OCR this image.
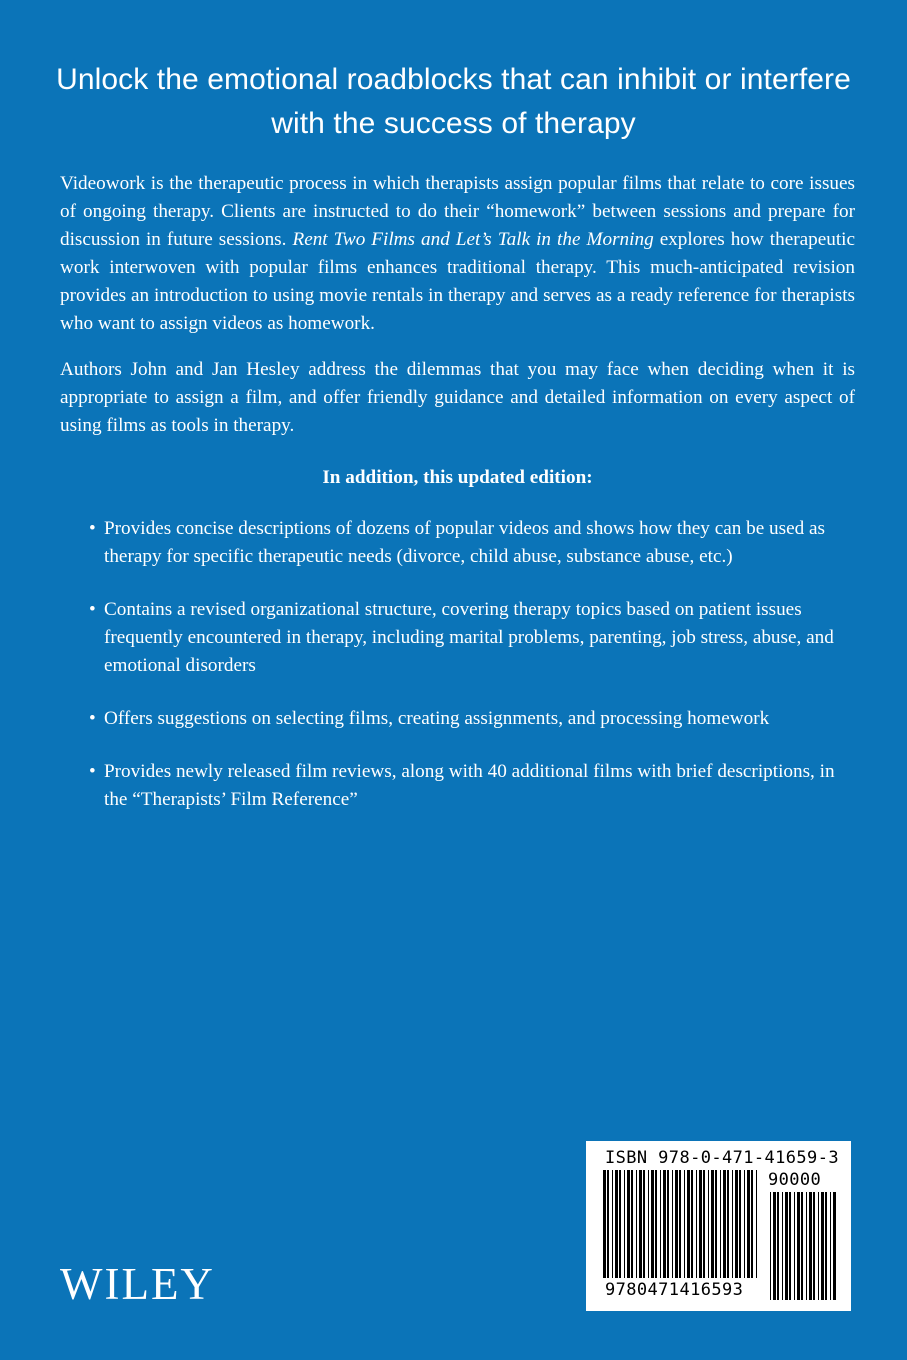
Unlock the emotional roadblocks that can inhibit or interfere
with the success of therapy

Videowork is the therapeutic process in which therapists assign popular films that relate to core issues of ongoing therapy. Clients are instructed to do their “homework” between sessions and prepare for discussion in future sessions. Rent Two Films and Let’s Talk in the Morning explores how therapeutic work interwoven with popular films enhances traditional therapy. This much-anticipated revision provides an introduction to using movie rentals in therapy and serves as a ready reference for therapists who want to assign videos as homework.

Authors John and Jan Hesley address the dilemmas that you may face when deciding when it is appropriate to assign a film, and offer friendly guidance and detailed information on every aspect of using films as tools in therapy.

In addition, this updated edition:
• Provides concise descriptions of dozens of popular videos and shows how they can be used as therapy for specific therapeutic needs (divorce, child abuse, substance abuse, etc.)
• Contains a revised organizational structure, covering therapy topics based on patient issues frequently encountered in therapy, including marital problems, parenting, job stress, abuse, and emotional disorders
• Offers suggestions on selecting films, creating assignments, and processing homework
• Provides newly released film reviews, along with 40 additional films with brief descriptions, in the “Therapists’ Film Reference”
WILEY
ISBN 978-0-471-41659-3
90000
9780471416593
